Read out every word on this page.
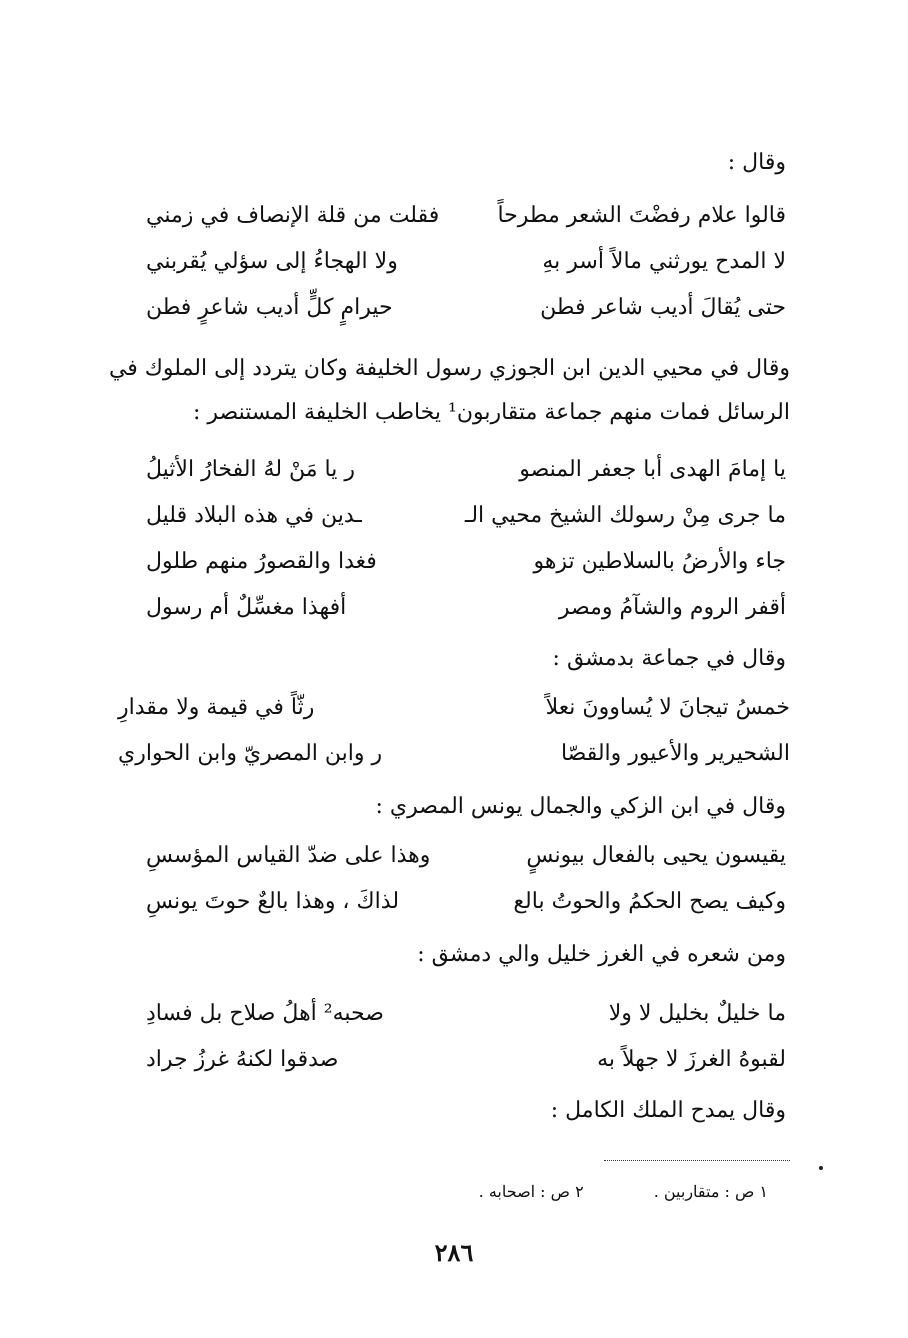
وقال :
قالوا علام رفضْتَ الشعر مطرحاً
فقلت من قلة الإنصاف في زمني
لا المدح يورثني مالاً أسر بهِ
ولا الهجاءُ إلى سؤلي يُقربني
حتى يُقالَ أديب شاعر فطن
حيرامٍ كلٍّ أديب شاعرٍ فطن
وقال في محيي الدين ابن الجوزي رسول الخليفة وكان يتردد إلى الملوك في
الرسائل فمات منهم جماعة متقاربون¹ يخاطب الخليفة المستنصر :
يا إمامَ الهدى أبا جعفر المنصو
ر يا مَنْ لهُ الفخارُ الأثيلُ
ما جرى مِنْ رسولك الشيخ محيي الـ
ـدين في هذه البلاد قليل
جاء والأرضُ بالسلاطين تزهو
فغدا والقصورُ منهم طلول
أقفر الروم والشآمُ ومصر
أفهذا مغسِّلٌ أم رسول
وقال في جماعة بدمشق :
خمسُ تيجانَ لا يُساوونَ نعلاً
رثّاً في قيمة ولا مقدارِ
الشحيرير والأعيور والقصّا
ر وابن المصريّ وابن الحواري
وقال في ابن الزكي والجمال يونس المصري :
يقيسون يحيى بالفعال بيونسٍ
وهذا على ضدّ القياس المؤسسِ
وكيف يصح الحكمُ والحوتُ بالع
لذاكَ ، وهذا بالعٌ حوتَ يونسِ
ومن شعره في الغرز خليل والي دمشق :
ما خليلٌ بخليل لا ولا
صحبه² أهلُ صلاح بل فسادِ
لقبوهُ الغرزَ لا جهلاً به
صدقوا لكنهُ غرزُ جراد
وقال يمدح الملك الكامل :
١ ص : متقاربين .
٢ ص : اصحابه .
٢٨٦
